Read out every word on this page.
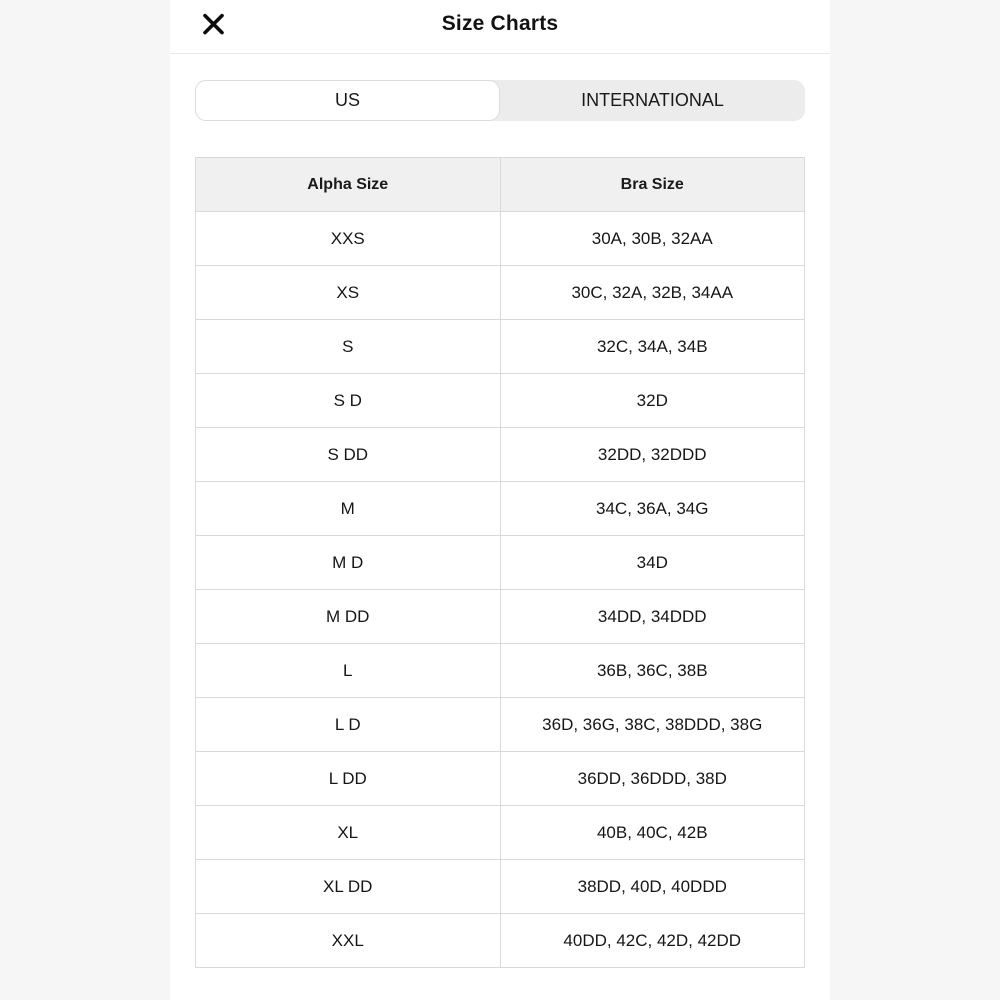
Size Charts
US	INTERNATIONAL
Alpha Size	Bra Size
XXS	30A, 30B, 32AA
XS	30C, 32A, 32B, 34AA
S	32C, 34A, 34B
S D	32D
S DD	32DD, 32DDD
M	34C, 36A, 34G
M D	34D
M DD	34DD, 34DDD
L	36B, 36C, 38B
L D	36D, 36G, 38C, 38DDD, 38G
L DD	36DD, 36DDD, 38D
XL	40B, 40C, 42B
XL DD	38DD, 40D, 40DDD
XXL	40DD, 42C, 42D, 42DD
